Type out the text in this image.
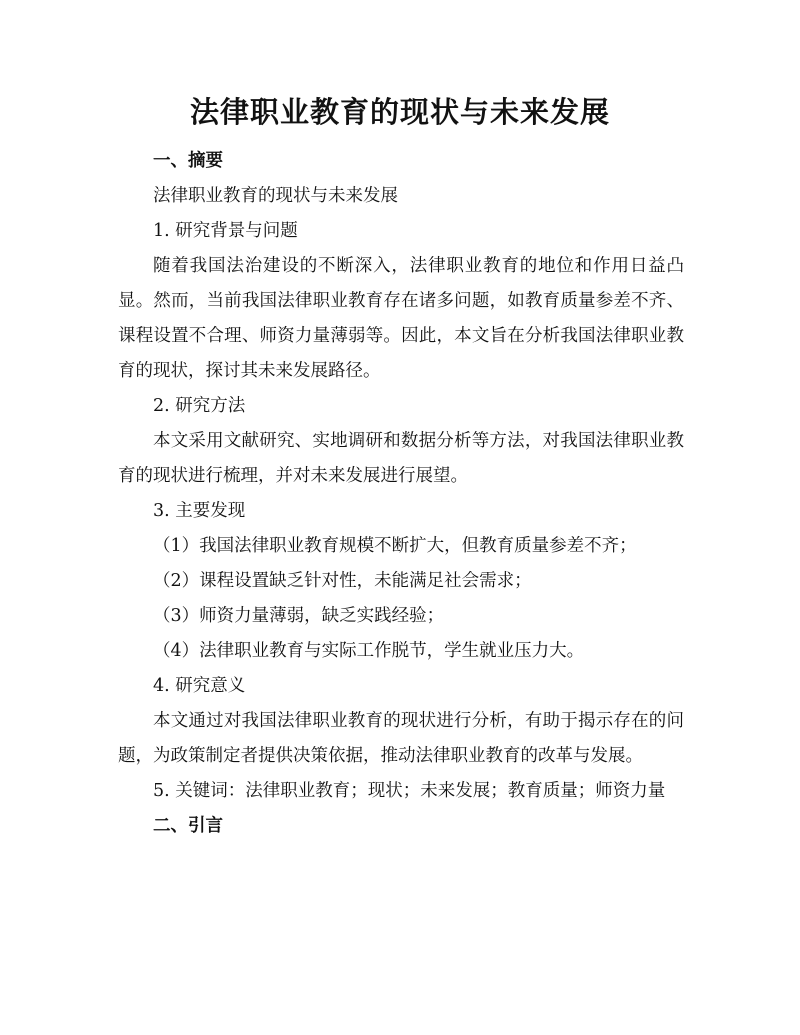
法律职业教育的现状与未来发展

一、摘要

法律职业教育的现状与未来发展

1. 研究背景与问题

随着我国法治建设的不断深入，法律职业教育的地位和作用日益凸显。然而，当前我国法律职业教育存在诸多问题，如教育质量参差不齐、课程设置不合理、师资力量薄弱等。因此，本文旨在分析我国法律职业教育的现状，探讨其未来发展路径。

2. 研究方法

本文采用文献研究、实地调研和数据分析等方法，对我国法律职业教育的现状进行梳理，并对未来发展进行展望。

3. 主要发现

（1）我国法律职业教育规模不断扩大，但教育质量参差不齐；

（2）课程设置缺乏针对性，未能满足社会需求；

（3）师资力量薄弱，缺乏实践经验；

（4）法律职业教育与实际工作脱节，学生就业压力大。

4. 研究意义

本文通过对我国法律职业教育的现状进行分析，有助于揭示存在的问题，为政策制定者提供决策依据，推动法律职业教育的改革与发展。

5. 关键词：法律职业教育；现状；未来发展；教育质量；师资力量

二、引言
